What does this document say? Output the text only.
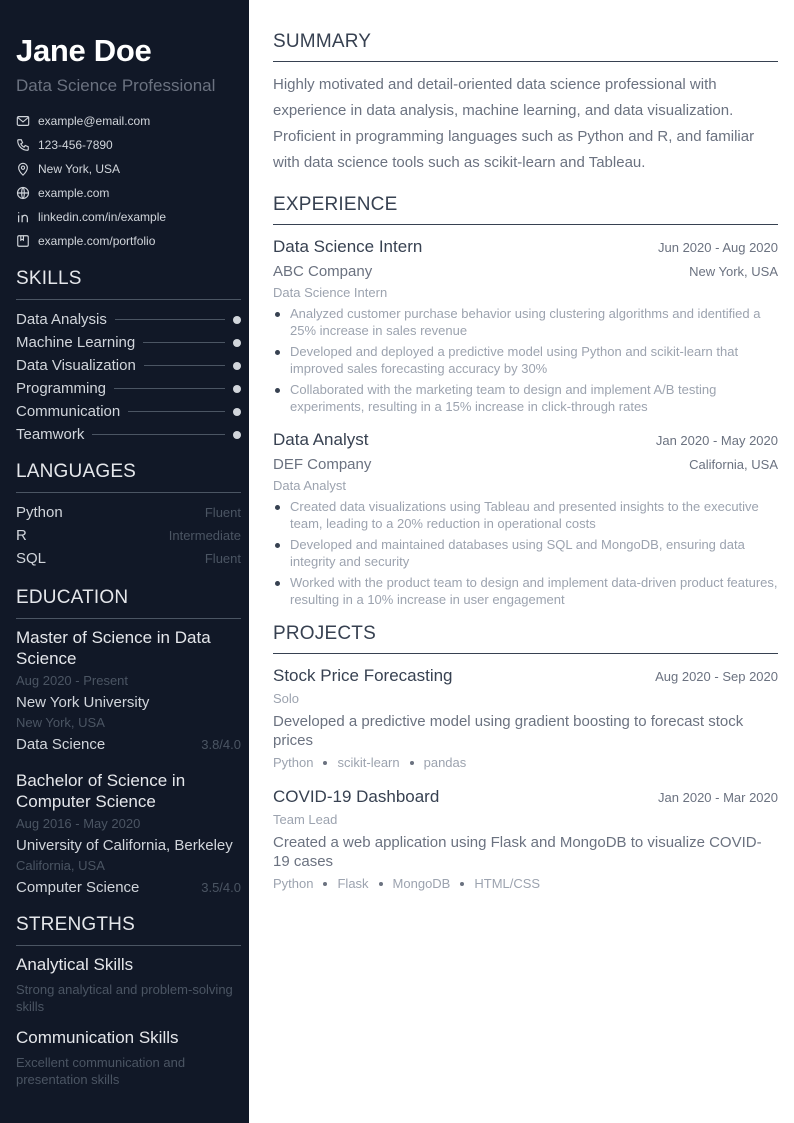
Jane Doe
Data Science Professional
example@email.com
123-456-7890
New York, USA
example.com
linkedin.com/in/example
example.com/portfolio
SKILLS
Data Analysis
Machine Learning
Data Visualization
Programming
Communication
Teamwork
LANGUAGES
Python	Fluent
R	Intermediate
SQL	Fluent
EDUCATION
Master of Science in Data Science
Aug 2020 - Present
New York University
New York, USA
Data Science	3.8/4.0
Bachelor of Science in Computer Science
Aug 2016 - May 2020
University of California, Berkeley
California, USA
Computer Science	3.5/4.0
STRENGTHS
Analytical Skills
Strong analytical and problem-solving skills
Communication Skills
Excellent communication and presentation skills
SUMMARY
Highly motivated and detail-oriented data science professional with experience in data analysis, machine learning, and data visualization. Proficient in programming languages such as Python and R, and familiar with data science tools such as scikit-learn and Tableau.
EXPERIENCE
Data Science Intern	Jun 2020 - Aug 2020
ABC Company	New York, USA
Data Science Intern
Analyzed customer purchase behavior using clustering algorithms and identified a 25% increase in sales revenue
Developed and deployed a predictive model using Python and scikit-learn that improved sales forecasting accuracy by 30%
Collaborated with the marketing team to design and implement A/B testing experiments, resulting in a 15% increase in click-through rates
Data Analyst	Jan 2020 - May 2020
DEF Company	California, USA
Data Analyst
Created data visualizations using Tableau and presented insights to the executive team, leading to a 20% reduction in operational costs
Developed and maintained databases using SQL and MongoDB, ensuring data integrity and security
Worked with the product team to design and implement data-driven product features, resulting in a 10% increase in user engagement
PROJECTS
Stock Price Forecasting	Aug 2020 - Sep 2020
Solo
Developed a predictive model using gradient boosting to forecast stock prices
Python scikit-learn pandas
COVID-19 Dashboard	Jan 2020 - Mar 2020
Team Lead
Created a web application using Flask and MongoDB to visualize COVID-19 cases
Python Flask MongoDB HTML/CSS
